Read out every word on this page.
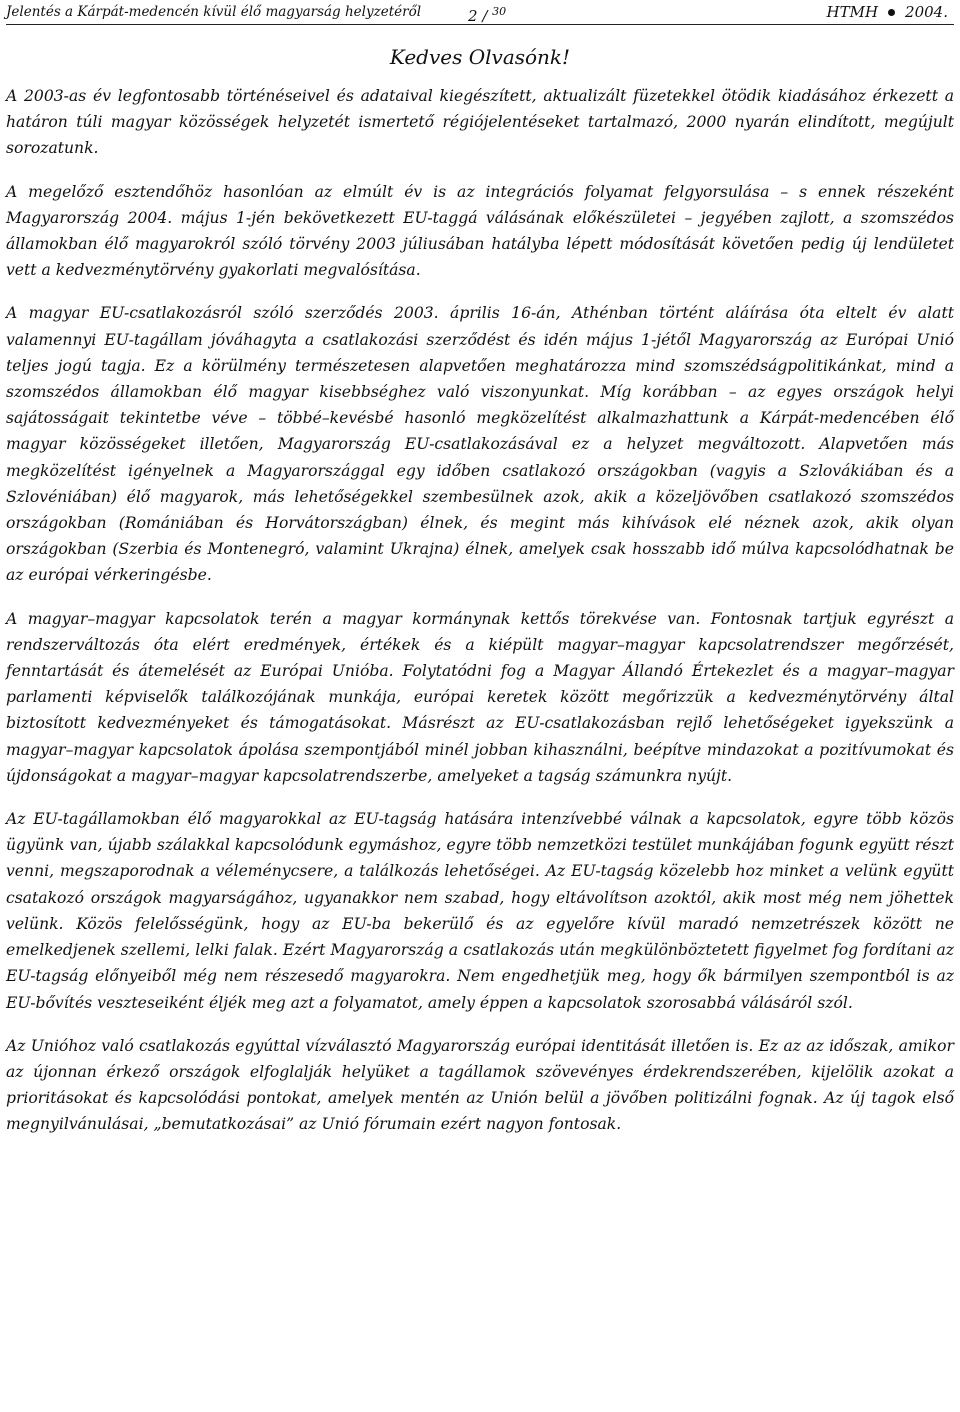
Jelentés a Kárpát-medencén kívül élő magyarság helyzetéről	2 / $^{30}$	HTMH 2004.
Kedves Olvasónk!

A 2003-as év legfontosabb történéseivel és adataival kiegészített, aktualizált füzetekkel ötödik kiadásához érkezett a határon túli magyar közösségek helyzetét ismertető régiójelentéseket tartalmazó, 2000 nyarán elindított, megújult sorozatunk.

A megelőző esztendőhöz hasonlóan az elmúlt év is az integrációs folyamat felgyorsulása – s ennek részeként Magyarország 2004. május 1-jén bekövetkezett EU-taggá válásának előkészületei – jegyében zajlott, a szomszédos államokban élő magyarokról szóló törvény 2003 júliusában hatályba lépett módosítását követően pedig új lendületet vett a kedvezménytörvény gyakorlati megvalósítása.

A magyar EU-csatlakozásról szóló szerződés 2003. április 16-án, Athénban történt aláírása óta eltelt év alatt valamennyi EU-tagállam jóváhagyta a csatlakozási szerződést és idén május 1-jétől Magyarország az Európai Unió teljes jogú tagja. Ez a körülmény természetesen alapvetően meghatározza mind szomszédságpolitikánkat, mind a szomszédos államokban élő magyar kisebbséghez való viszonyunkat. Míg korábban – az egyes országok helyi sajátosságait tekintetbe véve – többé–kevésbé hasonló megközelítést alkalmazhattunk a Kárpát-medencében élő magyar közösségeket illetően, Magyarország EU-csatlakozásával ez a helyzet megváltozott. Alapvetően más megközelítést igényelnek a Magyarországgal egy időben csatlakozó országokban (vagyis a Szlovákiában és a Szlovéniában) élő magyarok, más lehetőségekkel szembesülnek azok, akik a közeljövőben csatlakozó szomszédos országokban (Romániában és Horvátországban) élnek, és megint más kihívások elé néznek azok, akik olyan országokban (Szerbia és Montenegró, valamint Ukrajna) élnek, amelyek csak hosszabb idő múlva kapcsolódhatnak be az európai vérkeringésbe.

A magyar–magyar kapcsolatok terén a magyar kormánynak kettős törekvése van. Fontosnak tartjuk egyrészt a rendszerváltozás óta elért eredmények, értékek és a kiépült magyar–magyar kapcsolatrendszer megőrzését, fenntartását és átemelését az Európai Unióba. Folytatódni fog a Magyar Állandó Értekezlet és a magyar–magyar parlamenti képviselők találkozójának munkája, európai keretek között megőrizzük a kedvezménytörvény által biztosított kedvezményeket és támogatásokat. Másrészt az EU-csatlakozásban rejlő lehetőségeket igyekszünk a magyar–magyar kapcsolatok ápolása szempontjából minél jobban kihasználni, beépítve mindazokat a pozitívumokat és újdonságokat a magyar–magyar kapcsolatrendszerbe, amelyeket a tagság számunkra nyújt.

Az EU-tagállamokban élő magyarokkal az EU-tagság hatására intenzívebbé válnak a kapcsolatok, egyre több közös ügyünk van, újabb szálakkal kapcsolódunk egymáshoz, egyre több nemzetközi testület munkájában fogunk együtt részt venni, megszaporodnak a véleménycsere, a találkozás lehetőségei. Az EU-tagság közelebb hoz minket a velünk együtt csatakozó országok magyarságához, ugyanakkor nem szabad, hogy eltávolítson azoktól, akik most még nem jöhettek velünk. Közös felelősségünk, hogy az EU-ba bekerülő és az egyelőre kívül maradó nemzetrészek között ne emelkedjenek szellemi, lelki falak. Ezért Magyarország a csatlakozás után megkülönböztetett figyelmet fog fordítani az EU-tagság előnyeiből még nem részesedő magyarokra. Nem engedhetjük meg, hogy ők bármilyen szempontból is az EU-bővítés veszteseiként éljék meg azt a folyamatot, amely éppen a kapcsolatok szorosabbá válásáról szól.

Az Unióhoz való csatlakozás egyúttal vízválasztó Magyarország európai identitását illetően is. Ez az az időszak, amikor az újonnan érkező országok elfoglalják helyüket a tagállamok szövevényes érdekrendszerében, kijelölik azokat a prioritásokat és kapcsolódási pontokat, amelyek mentén az Unión belül a jövőben politizálni fognak. Az új tagok első megnyilvánulásai, „bemutatkozásai” az Unió fórumain ezért nagyon fontosak.
